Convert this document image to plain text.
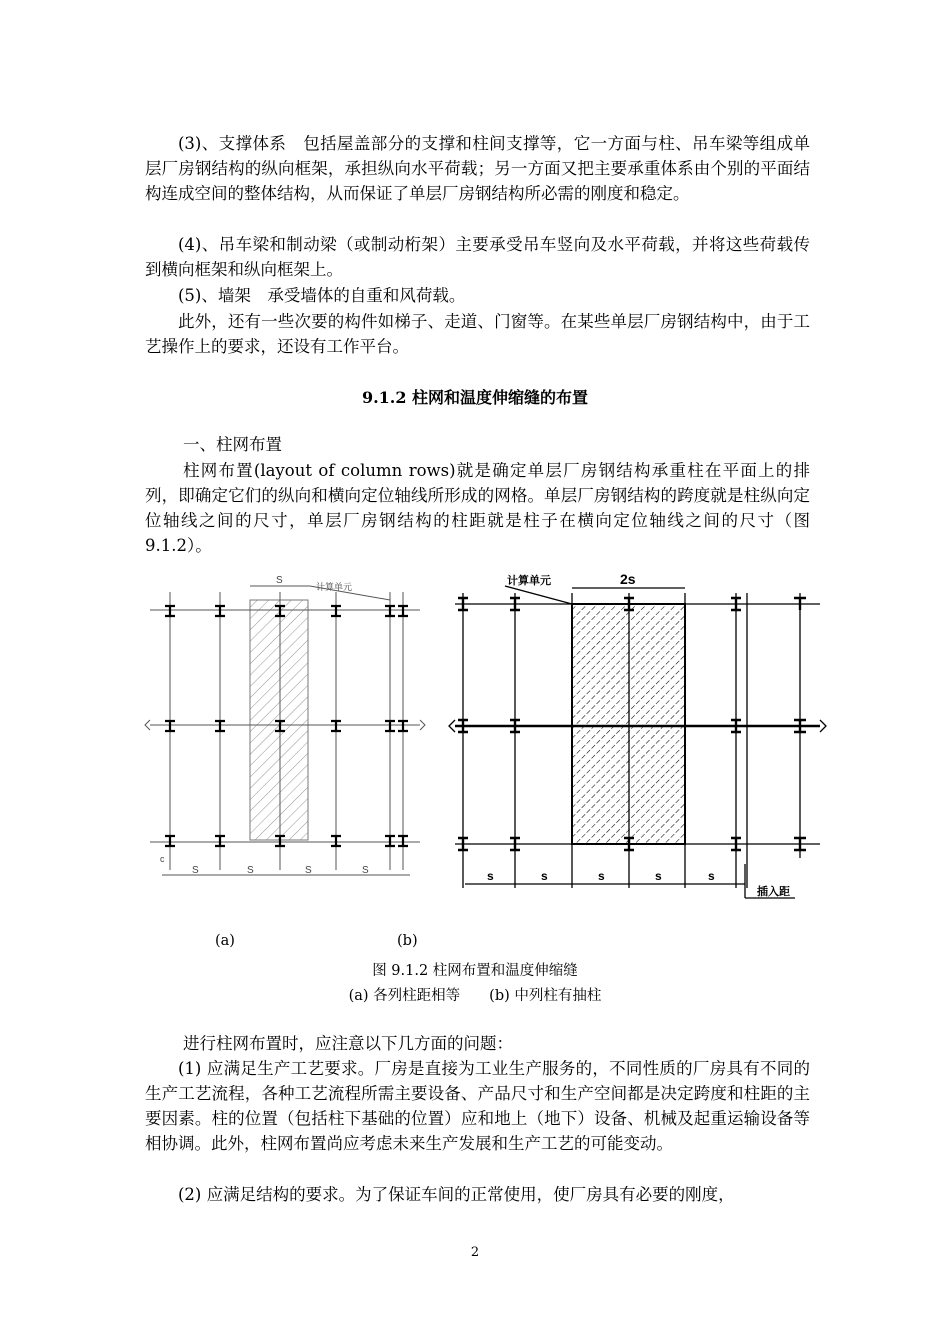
(3)、支撑体系　包括屋盖部分的支撑和柱间支撑等，它一方面与柱、吊车梁等组成单层厂房钢结构的纵向框架，承担纵向水平荷载；另一方面又把主要承重体系由个别的平面结构连成空间的整体结构，从而保证了单层厂房钢结构所必需的刚度和稳定。

(4)、吊车梁和制动梁（或制动桁架）主要承受吊车竖向及水平荷载，并将这些荷载传到横向框架和纵向框架上。

(5)、墙架　承受墙体的自重和风荷载。

此外，还有一些次要的构件如梯子、走道、门窗等。在某些单层厂房钢结构中，由于工艺操作上的要求，还设有工作平台。

9.1.2 柱网和温度伸缩缝的布置

一、柱网布置

柱网布置(layout of column rows)就是确定单层厂房钢结构承重柱在平面上的排列，即确定它们的纵向和横向定位轴线所形成的网格。单层厂房钢结构的跨度就是柱纵向定位轴线之间的尺寸，单层厂房钢结构的柱距就是柱子在横向定位轴线之间的尺寸（图 9.1.2）。

S
计算单元
S	S	S	S
c
2s
计算单元
s	s	s	s	s
插入距

(a)	(b)

图 9.1.2 柱网布置和温度伸缩缝

(a) 各列柱距相等　　(b) 中列柱有抽柱

进行柱网布置时，应注意以下几方面的问题：

(1) 应满足生产工艺要求。厂房是直接为工业生产服务的，不同性质的厂房具有不同的生产工艺流程，各种工艺流程所需主要设备、产品尺寸和生产空间都是决定跨度和柱距的主要因素。柱的位置（包括柱下基础的位置）应和地上（地下）设备、机械及起重运输设备等相协调。此外，柱网布置尚应考虑未来生产发展和生产工艺的可能变动。

(2) 应满足结构的要求。为了保证车间的正常使用，使厂房具有必要的刚度，

2
